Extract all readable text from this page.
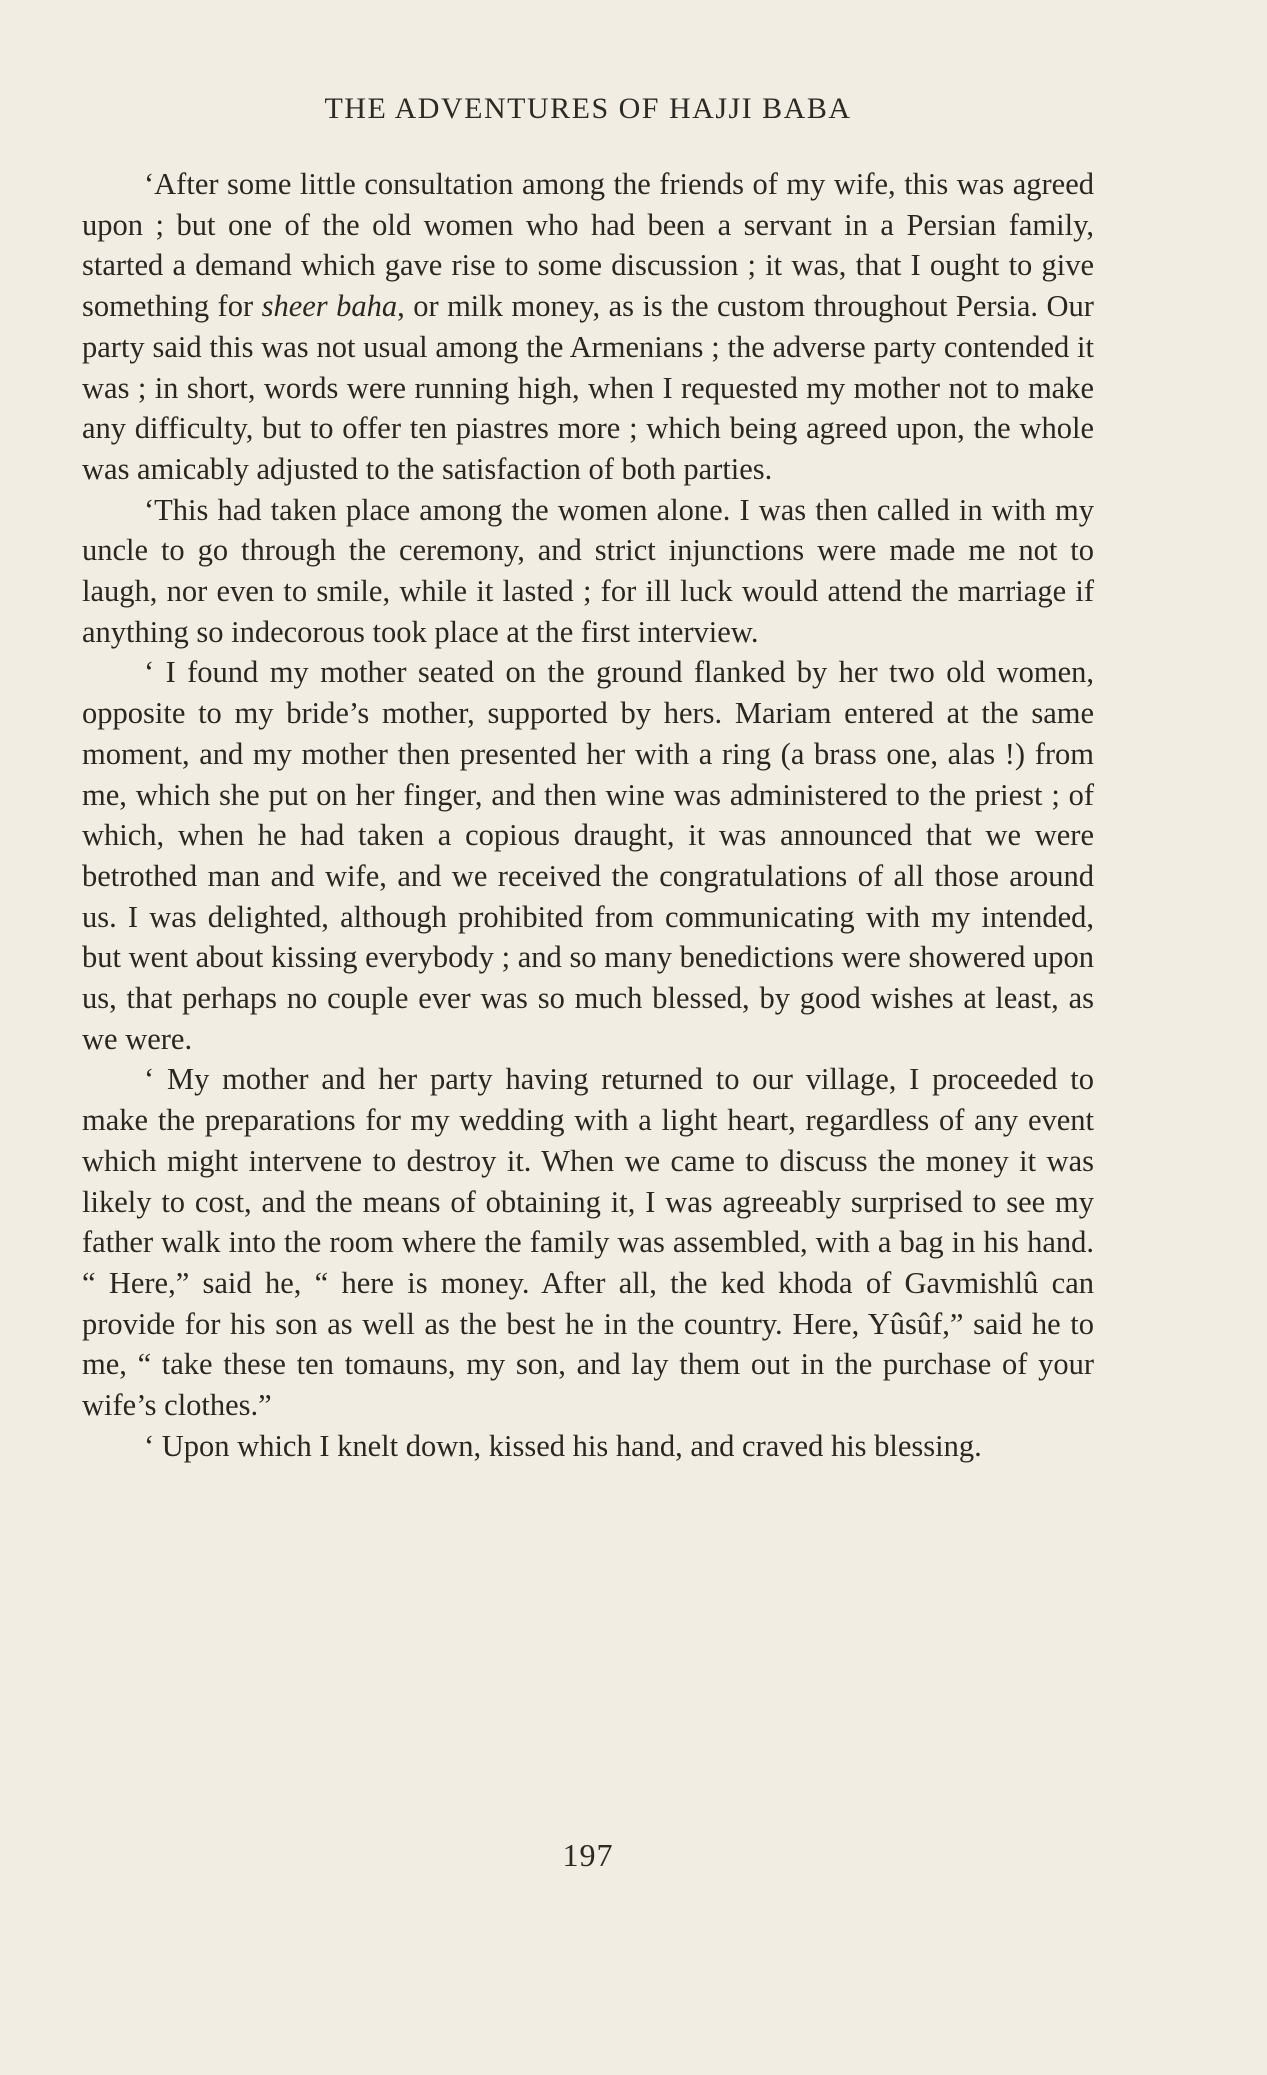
THE ADVENTURES OF HAJJI BABA

‘After some little consultation among the friends of my wife, this was agreed upon ; but one of the old women who had been a servant in a Persian family, started a demand which gave rise to some discussion ; it was, that I ought to give something for sheer baha, or milk money, as is the custom throughout Persia. Our party said this was not usual among the Armenians ; the adverse party contended it was ; in short, words were running high, when I requested my mother not to make any difficulty, but to offer ten piastres more ; which being agreed upon, the whole was amicably adjusted to the satisfaction of both parties.

‘This had taken place among the women alone. I was then called in with my uncle to go through the ceremony, and strict injunctions were made me not to laugh, nor even to smile, while it lasted ; for ill luck would attend the marriage if anything so indecorous took place at the first interview.

‘ I found my mother seated on the ground flanked by her two old women, opposite to my bride’s mother, supported by hers. Mariam entered at the same moment, and my mother then presented her with a ring (a brass one, alas !) from me, which she put on her finger, and then wine was administered to the priest ; of which, when he had taken a copious draught, it was announced that we were betrothed man and wife, and we received the congratulations of all those around us. I was delighted, although prohibited from communicating with my intended, but went about kissing everybody ; and so many benedictions were showered upon us, that perhaps no couple ever was so much blessed, by good wishes at least, as we were.

‘ My mother and her party having returned to our village, I proceeded to make the preparations for my wedding with a light heart, regardless of any event which might intervene to destroy it. When we came to discuss the money it was likely to cost, and the means of obtaining it, I was agreeably surprised to see my father walk into the room where the family was assembled, with a bag in his hand. “ Here,” said he, “ here is money. After all, the ked khoda of Gavmishlû can provide for his son as well as the best he in the country. Here, Yûsûf,” said he to me, “ take these ten tomauns, my son, and lay them out in the purchase of your wife’s clothes.”

‘ Upon which I knelt down, kissed his hand, and craved his blessing.

197
